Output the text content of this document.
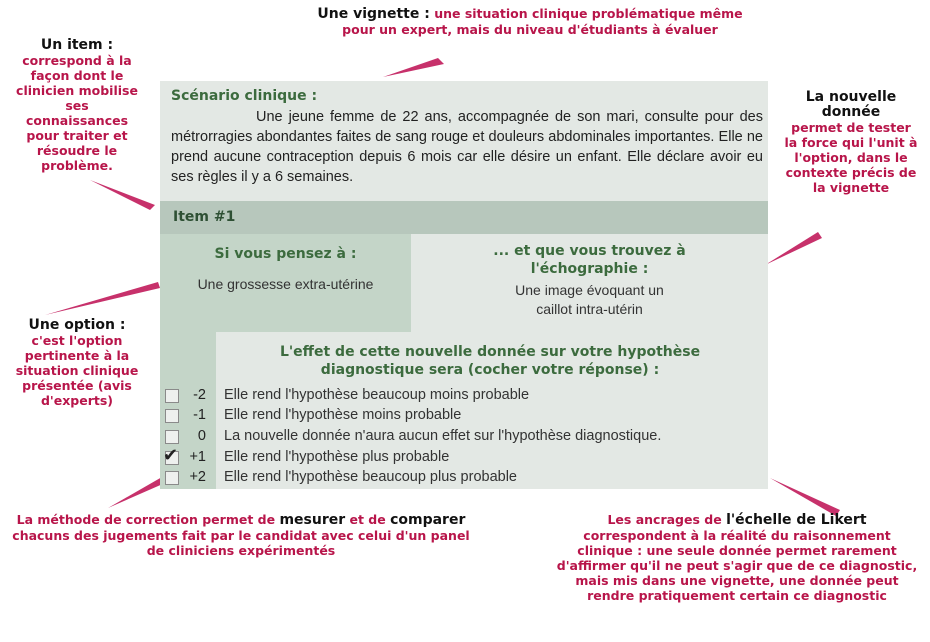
Une vignette : une situation clinique problématique même pour un expert, mais du niveau d'étudiants à évaluer
Un item :
correspond à la façon dont le clinicien mobilise ses connaissances pour traiter et résoudre le problème.
La nouvelle donnée
permet de tester la force qui l'unit à l'option, dans le contexte précis de la vignette
Une option :
c'est l'option pertinente à la situation clinique présentée (avis d'experts)
La méthode de correction permet de mesurer et de comparer chacuns des jugements fait par le candidat avec celui d'un panel de cliniciens expérimentés
Les ancrages de l'échelle de Likert correspondent à la réalité du raisonnement clinique : une seule donnée permet rarement d'affirmer qu'il ne peut s'agir que de ce diagnostic, mais mis dans une vignette, une donnée peut rendre pratiquement certain ce diagnostic
Scénario clinique :
Une jeune femme de 22 ans, accompagnée de son mari, consulte pour des métrorragies abondantes faites de sang rouge et douleurs abdominales importantes. Elle ne prend aucune contraception depuis 6 mois car elle désire un enfant. Elle déclare avoir eu ses règles il y a 6 semaines.
Item #1
Si vous pensez à :
Une grossesse extra-utérine
... et que vous trouvez à
l'échographie :
Une image évoquant un
caillot intra-utérin
L'effet de cette nouvelle donnée sur votre hypothèse
diagnostique sera (cocher votre réponse) :
-2 Elle rend l'hypothèse beaucoup moins probable
-1 Elle rend l'hypothèse moins probable
0 La nouvelle donnée n'aura aucun effet sur l'hypothèse diagnostique.
✔ +1 Elle rend l'hypothèse plus probable
+2 Elle rend l'hypothèse beaucoup plus probable
